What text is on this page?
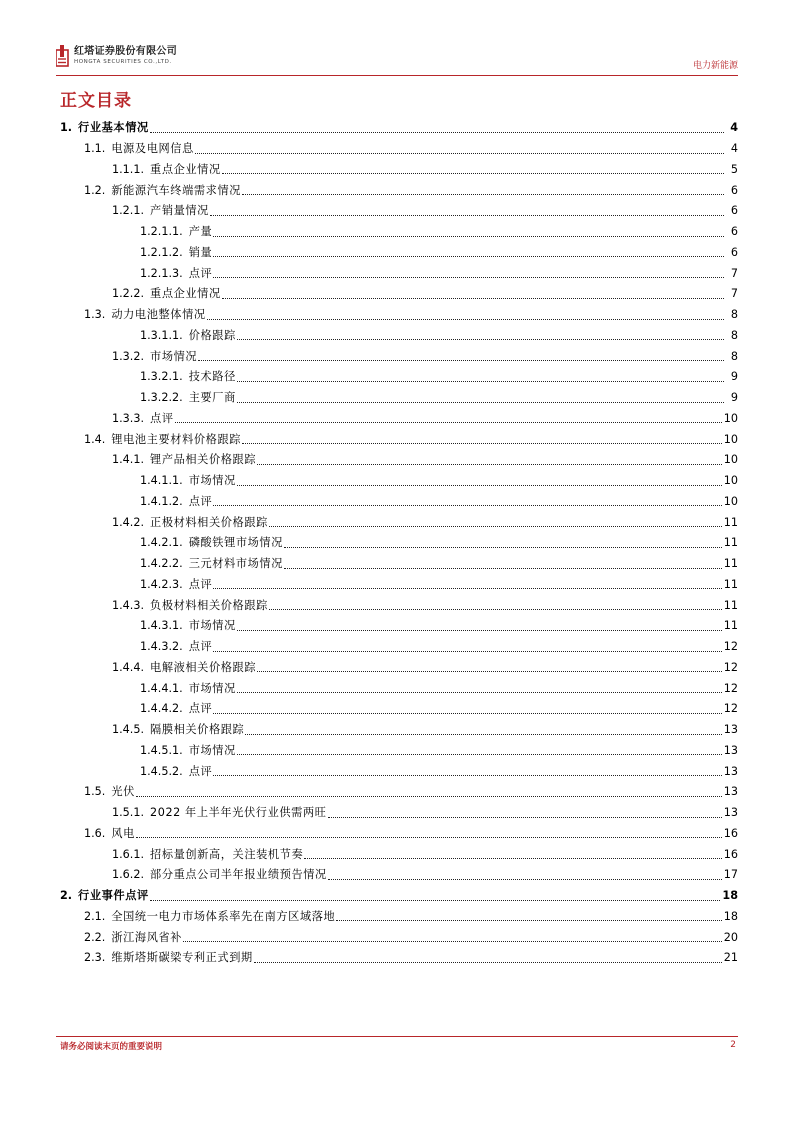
红塔证券股份有限公司
HONGTA SECURITIES CO.,LTD.	电力新能源
正文目录
1. 行业基本情况	4
1.1. 电源及电网信息	4
1.1.1. 重点企业情况	5
1.2. 新能源汽车终端需求情况	6
1.2.1. 产销量情况	6
1.2.1.1. 产量	6
1.2.1.2. 销量	6
1.2.1.3. 点评	7
1.2.2. 重点企业情况	7
1.3. 动力电池整体情况	8
1.3.1.1. 价格跟踪	8
1.3.2. 市场情况	8
1.3.2.1. 技术路径	9
1.3.2.2. 主要厂商	9
1.3.3. 点评	10
1.4. 锂电池主要材料价格跟踪	10
1.4.1. 锂产品相关价格跟踪	10
1.4.1.1. 市场情况	10
1.4.1.2. 点评	10
1.4.2. 正极材料相关价格跟踪	11
1.4.2.1. 磷酸铁锂市场情况	11
1.4.2.2. 三元材料市场情况	11
1.4.2.3. 点评	11
1.4.3. 负极材料相关价格跟踪	11
1.4.3.1. 市场情况	11
1.4.3.2. 点评	12
1.4.4. 电解液相关价格跟踪	12
1.4.4.1. 市场情况	12
1.4.4.2. 点评	12
1.4.5. 隔膜相关价格跟踪	13
1.4.5.1. 市场情况	13
1.4.5.2. 点评	13
1.5. 光伏	13
1.5.1. 2022 年上半年光伏行业供需两旺	13
1.6. 风电	16
1.6.1. 招标量创新高，关注装机节奏	16
1.6.2. 部分重点公司半年报业绩预告情况	17
2. 行业事件点评	18
2.1. 全国统一电力市场体系率先在南方区域落地	18
2.2. 浙江海风省补	20
2.3. 维斯塔斯碳梁专利正式到期	21
请务必阅读末页的重要说明	2
